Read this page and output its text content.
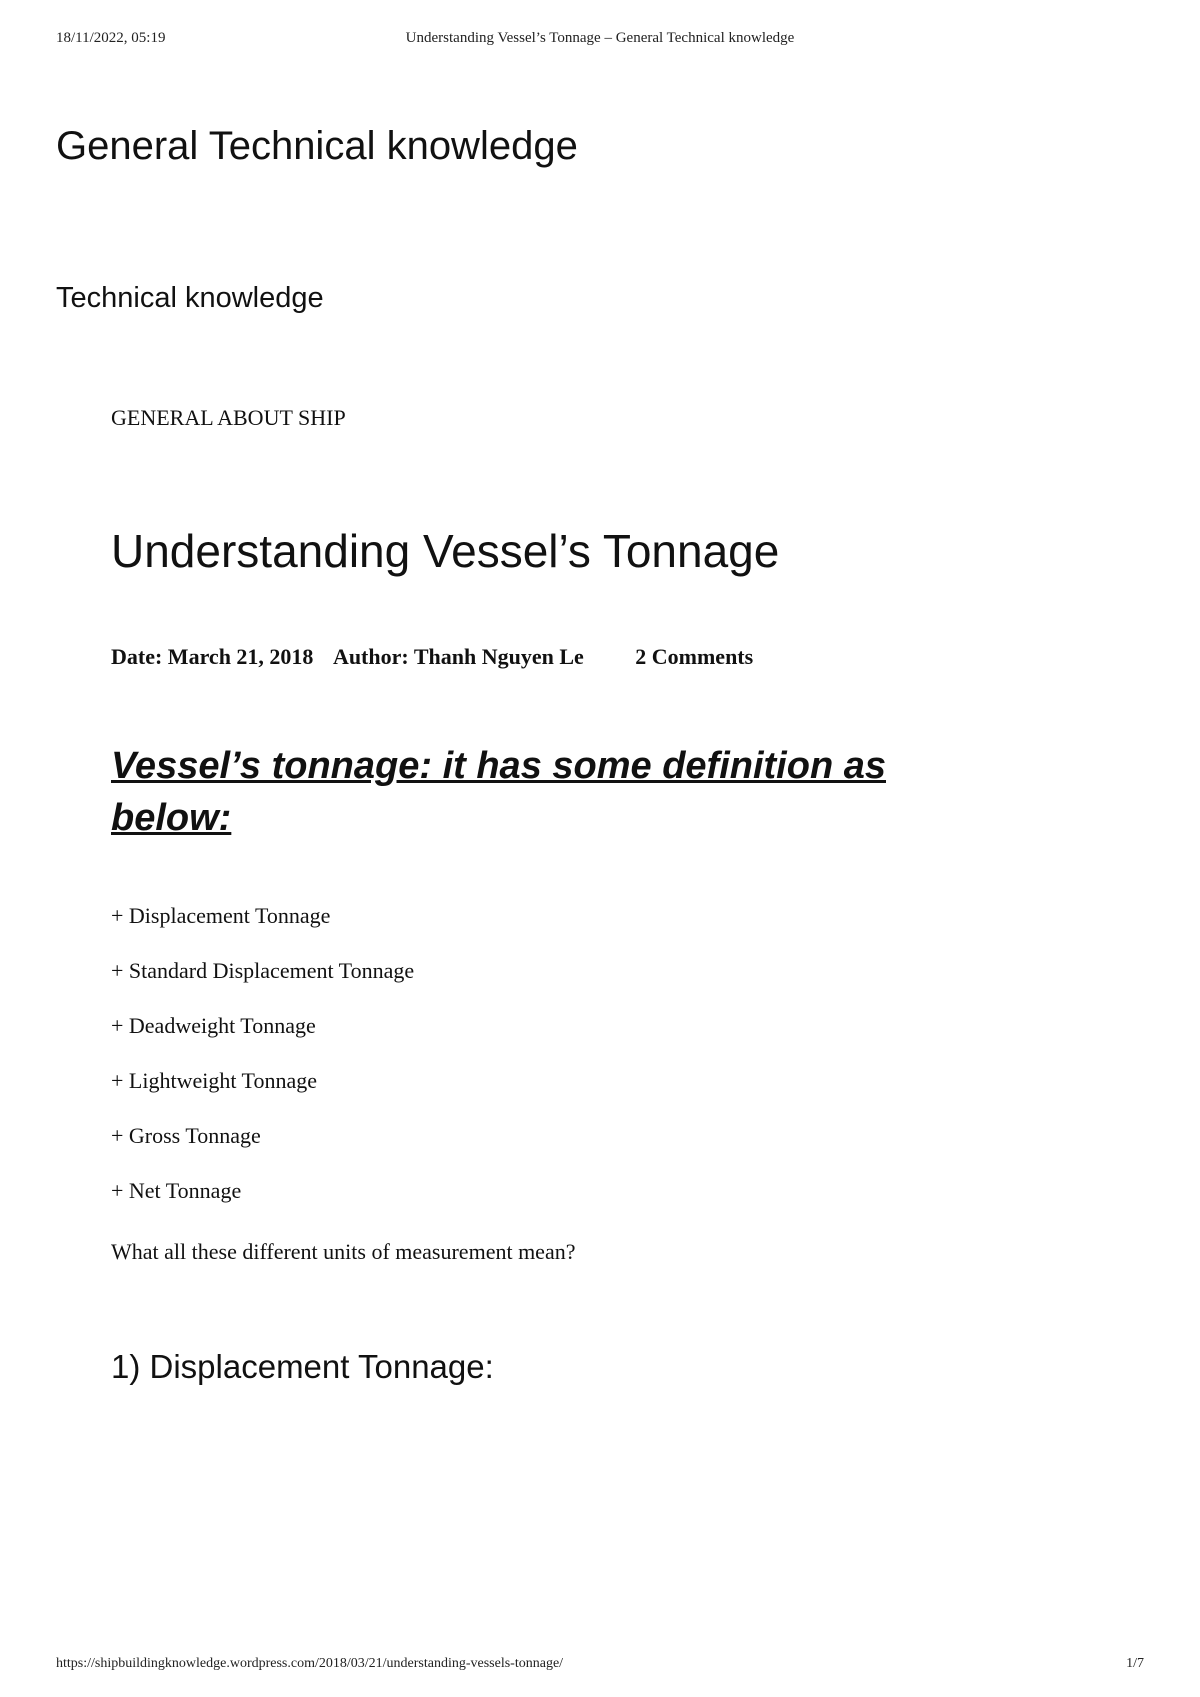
18/11/2022, 05:19	Understanding Vessel’s Tonnage – General Technical knowledge
General Technical knowledge

Technical knowledge

GENERAL ABOUT SHIP
Understanding Vessel’s Tonnage
Date: March 21, 2018 Author: Thanh Nguyen Le 2 Comments
Vessel’s tonnage: it has some definition as below:
+ Displacement Tonnage
+ Standard Displacement Tonnage
+ Deadweight Tonnage
+ Lightweight Tonnage
+ Gross Tonnage
+ Net Tonnage

What all these different units of measurement mean?

1) Displacement Tonnage:
https://shipbuildingknowledge.wordpress.com/2018/03/21/understanding-vessels-tonnage/	1/7
